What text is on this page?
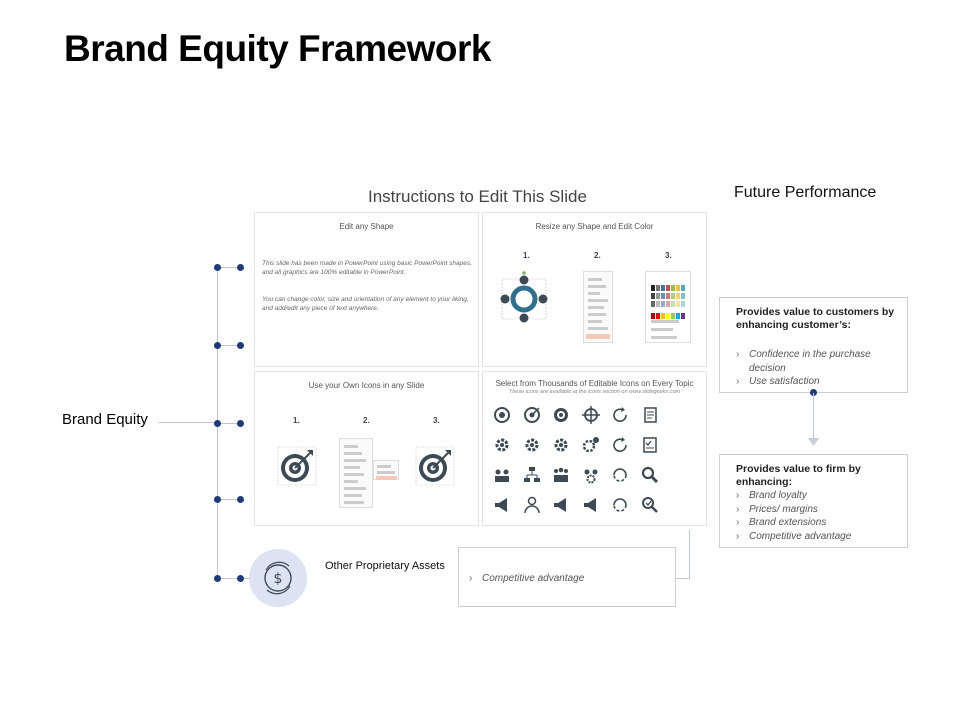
Brand Equity Framework
Future Performance
Instructions to Edit This Slide
Brand Equity
$
Other Proprietary Assets
› Competitive advantage
Provides value to customers by enhancing customer’s:
› Confidence in the purchase decision
› Use satisfaction
Provides value to firm by enhancing:
› Brand loyalty
› Prices/ margins
› Brand extensions
› Competitive advantage
Edit any Shape
This slide has been made in PowerPoint using basic PowerPoint shapes, and all graphics are 100% editable in PowerPoint.
You can change color, size and orientation of any element to your liking, and add/edit any piece of text anywhere.
Resize any Shape and Edit Color
1.	2.	3.
Use your Own Icons in any Slide
1.	2.	3.
Select from Thousands of Editable Icons on Every Topic
These icons are available at the icons section on www.slidegeeks.com
